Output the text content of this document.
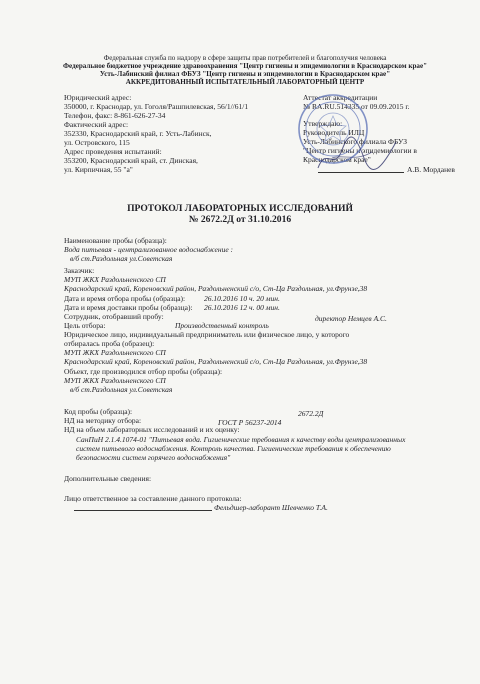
Федеральная служба по надзору в сфере защиты прав потребителей и благополучия человека
Федеральное бюджетное учреждение здравоохранения "Центр гигиены и эпидемиологии в Краснодарском крае"
Усть-Лабинский филиал ФБУЗ "Центр гигиены и эпидемиологии в Краснодарском крае"
АККРЕДИТОВАННЫЙ ИСПЫТАТЕЛЬНЫЙ ЛАБОРАТОРНЫЙ ЦЕНТР
Юридический адрес:
350000, г. Краснодар, ул. Гоголя/Рашпилевская, 56/1//61/1
Телефон, факс: 8-861-626-27-34
Фактический адрес:
352330, Краснодарский край, г. Усть-Лабинск,
ул. Островского, 115
Адрес проведения испытаний:
353200, Краснодарский край, ст. Динская,
ул. Кирпичная, 55 "а"
Аттестат аккредитации
№ RA.RU.514335 от 09.09.2015 г.
Утверждаю:
Руководитель ИЛЦ
Усть-Лабинского филиала ФБУЗ
"Центр гигиены и эпидемиологии в
Краснодарском крае"
А.В. Морданев
ПРОТОКОЛ ЛАБОРАТОРНЫХ ИССЛЕДОВАНИЙ
№ 2672.2Д от 31.10.2016
Наименование пробы (образца):
Вода питьевая - централизованное водоснабжение :
в/б ст.Раздольная ул.Советская
Заказчик:
МУП ЖКХ Раздольненского СП
Краснодарский край, Кореновский район, Раздольненский с/о, Ст-Ца Раздольная, ул.Фрунзе,38
Дата и время отбора пробы (образца):	26.10.2016 10 ч. 20 мин.
Дата и время доставки пробы (образца): 26.10.2016 12 ч. 00 мин.
Сотрудник, отобравший пробу:	директор Немцев А.С.
Цель отбора:	Производственный контроль
Юридическое лицо, индивидуальный предприниматель или физическое лицо, у которого
отбиралась проба (образец):
МУП ЖКХ Раздольненского СП
Краснодарский край, Кореновский район, Раздольненский с/о, Ст-Ца Раздольная, ул.Фрунзе,38
Объект, где производился отбор пробы (образца):
МУП ЖКХ Раздольненского СП
в/б ст.Раздольная ул.Советская
Код пробы (образца):	2672.2Д
НД на методику отбора:	ГОСТ Р 56237-2014
НД на объем лабораторных исследований и их оценку:
СанПиН 2.1.4.1074-01 "Питьевая вода. Гигиенические требования к качеству воды централизованных
систем питьевого водоснабжения. Контроль качества. Гигиенические требования к обеспечению
безопасности систем горячего водоснабжения"
Дополнительные сведения:
Лицо ответственное за составление данного протокола:
Фельдшер-лаборант Шевченко Т.А.
